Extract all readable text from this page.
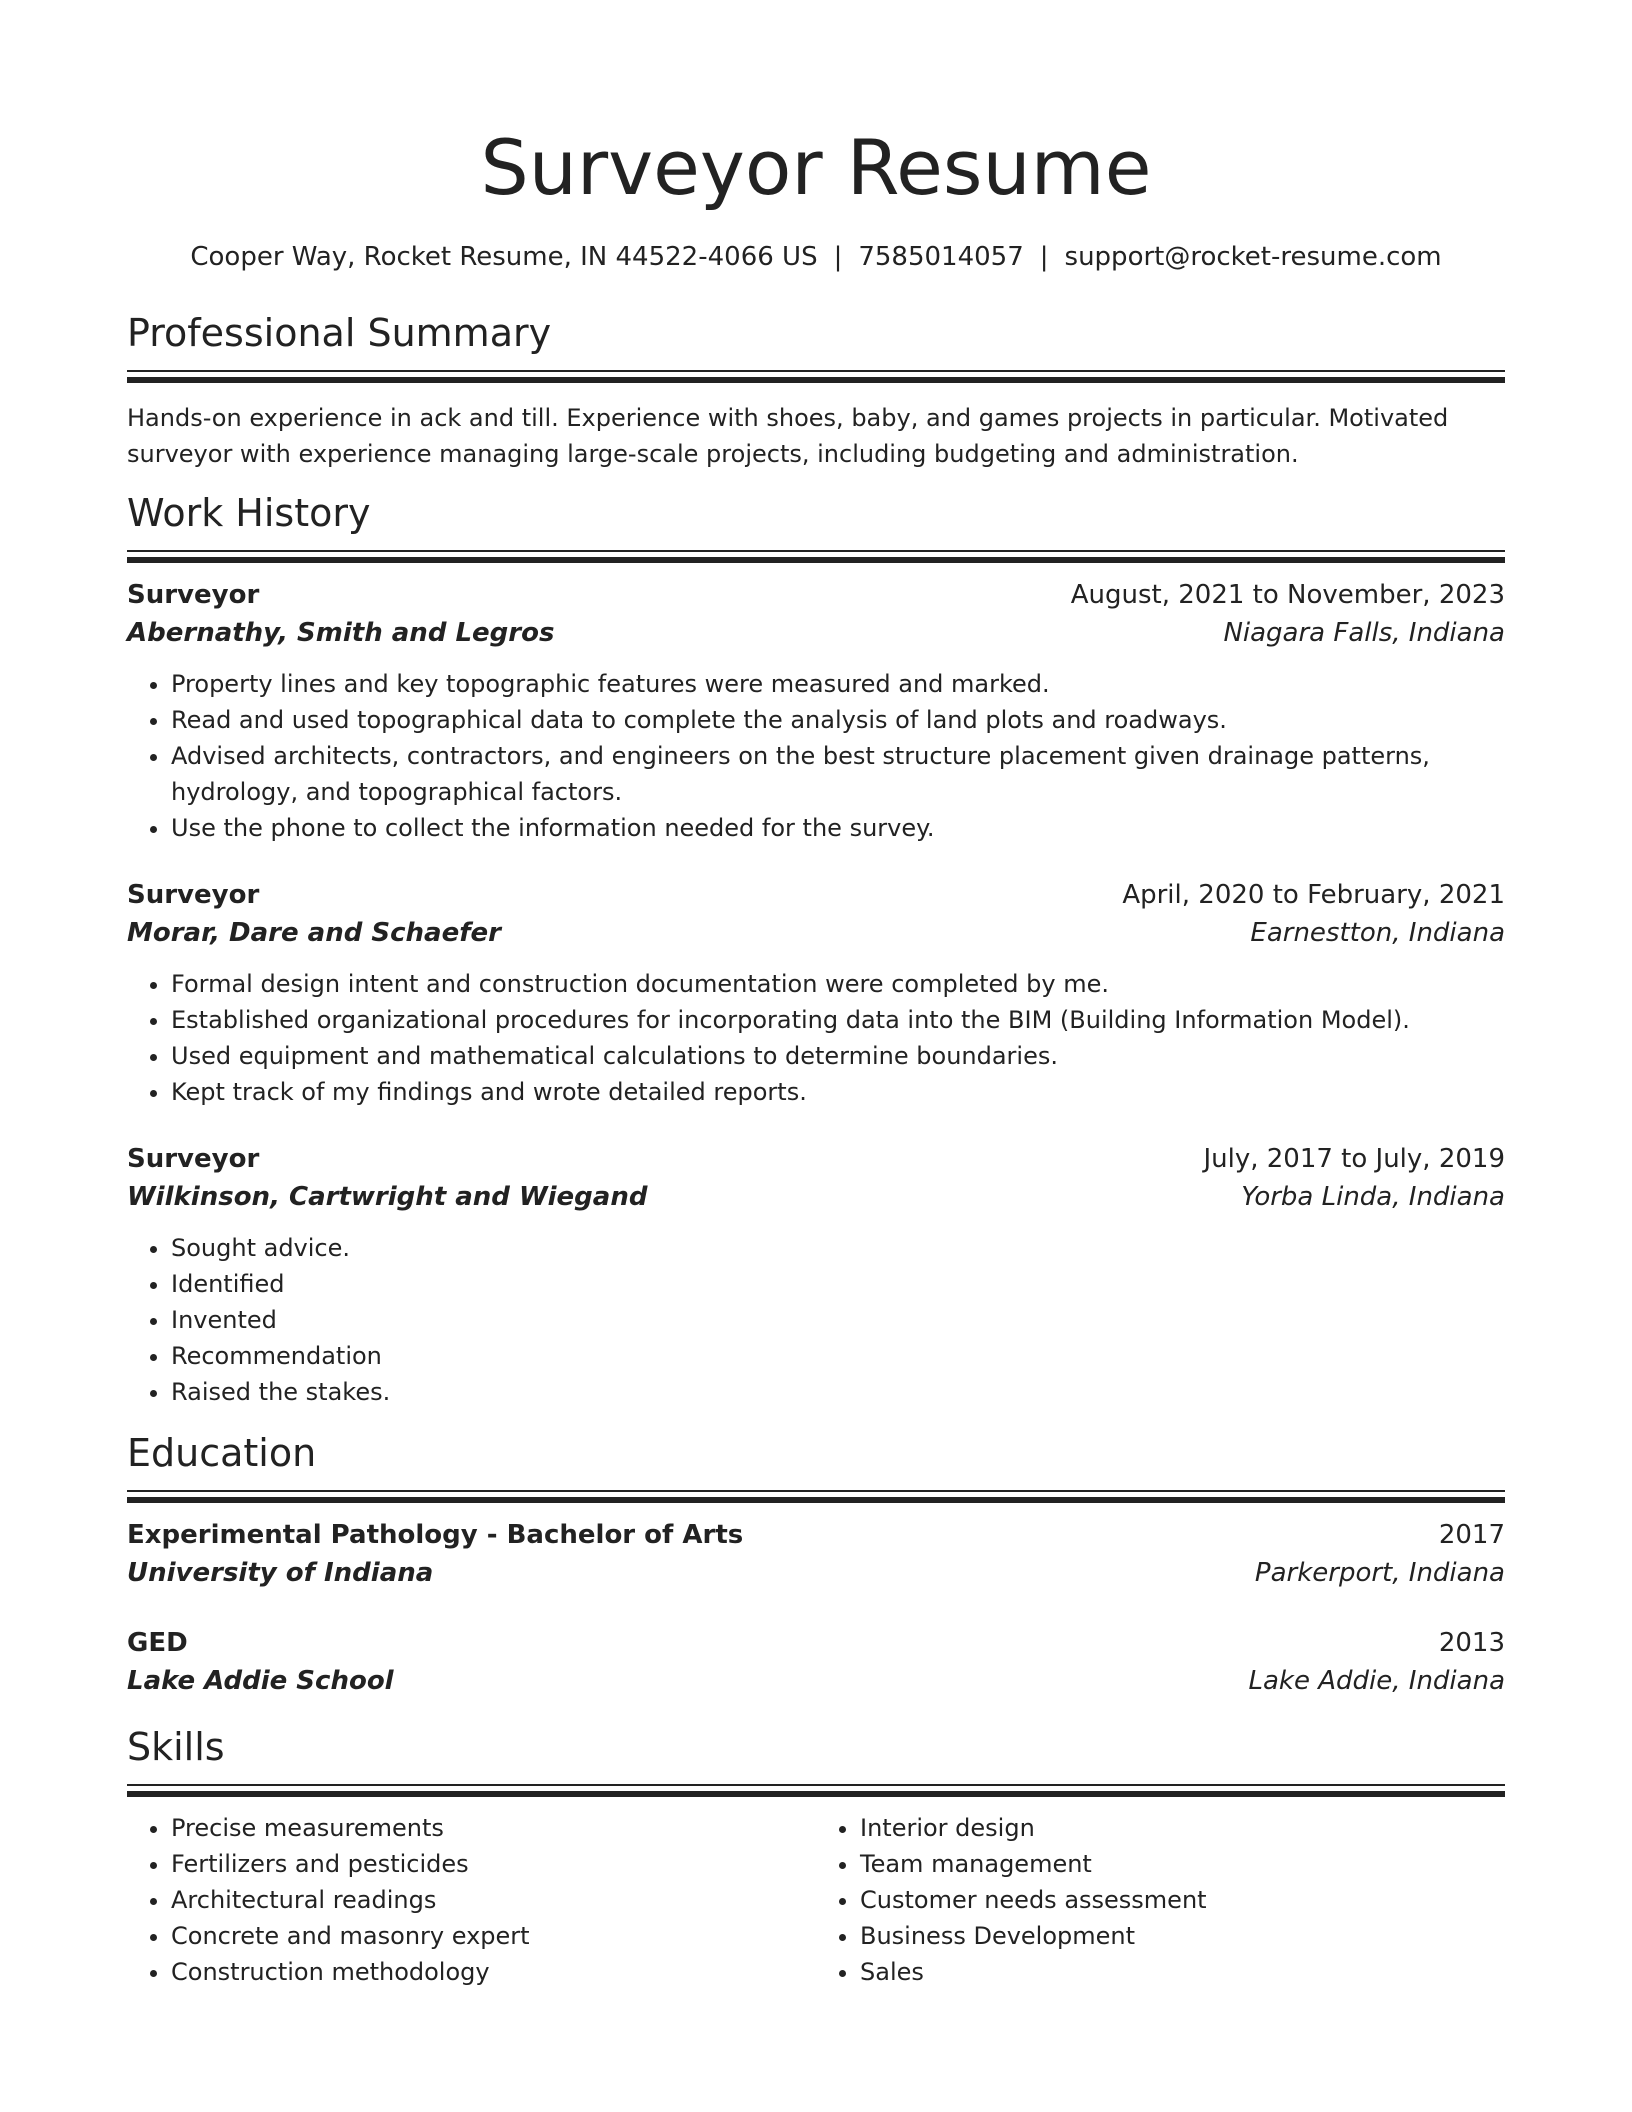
Surveyor Resume
Cooper Way, Rocket Resume, IN 44522-4066 US | 7585014057 | support@rocket-resume.com
Professional Summary
Hands-on experience in ack and till. Experience with shoes, baby, and games projects in particular. Motivated surveyor with experience managing large-scale projects, including budgeting and administration.
Work History
Surveyor	August, 2021 to November, 2023
Abernathy, Smith and Legros	Niagara Falls, Indiana
• Property lines and key topographic features were measured and marked.
• Read and used topographical data to complete the analysis of land plots and roadways.
• Advised architects, contractors, and engineers on the best structure placement given drainage patterns, hydrology, and topographical factors.
• Use the phone to collect the information needed for the survey.
Surveyor	April, 2020 to February, 2021
Morar, Dare and Schaefer	Earnestton, Indiana
• Formal design intent and construction documentation were completed by me.
• Established organizational procedures for incorporating data into the BIM (Building Information Model).
• Used equipment and mathematical calculations to determine boundaries.
• Kept track of my findings and wrote detailed reports.
Surveyor	July, 2017 to July, 2019
Wilkinson, Cartwright and Wiegand	Yorba Linda, Indiana
• Sought advice.
• Identified
• Invented
• Recommendation
• Raised the stakes.
Education
Experimental Pathology - Bachelor of Arts	2017
University of Indiana	Parkerport, Indiana
GED	2013
Lake Addie School	Lake Addie, Indiana
Skills
• Precise measurements
• Fertilizers and pesticides
• Architectural readings
• Concrete and masonry expert
• Construction methodology
• Interior design
• Team management
• Customer needs assessment
• Business Development
• Sales
